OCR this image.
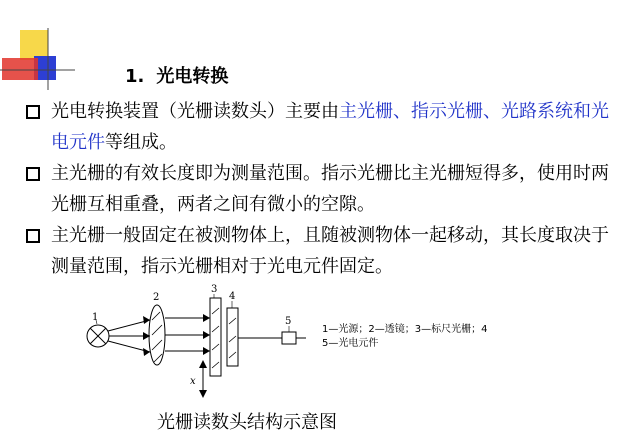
1. 光电转换
光电转换装置（光栅读数头）主要由主光栅、指示光栅、光路系统和光电元件等组成。
主光栅的有效长度即为测量范围。指示光栅比主光栅短得多，使用时两光栅互相重叠，两者之间有微小的空隙。
主光栅一般固定在被测物体上，且随被测物体一起移动，其长度取决于测量范围，指示光栅相对于光电元件固定。
1
2
3
4
5
x
1—光源；2—透镜；3—标尺光栅；4
5—光电元件
光栅读数头结构示意图
